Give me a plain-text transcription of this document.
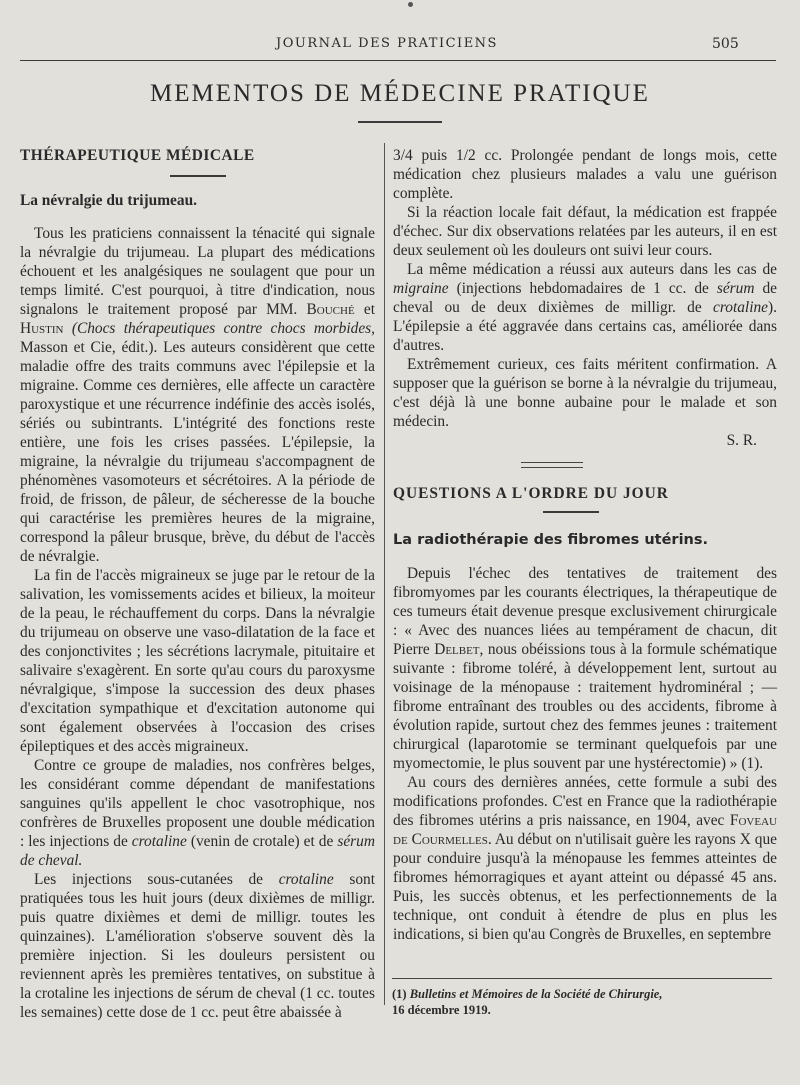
JOURNAL DES PRATICIENS	505
MEMENTOS DE MÉDECINE PRATIQUE

THÉRAPEUTIQUE MÉDICALE

La névralgie du trijumeau.

Tous les praticiens connaissent la ténacité qui signale la névralgie du trijumeau. La plupart des médications échouent et les analgésiques ne soulagent que pour un temps limité. C'est pourquoi, à titre d'indication, nous signalons le traitement proposé par MM. Bouché et Hustin (Chocs thérapeutiques contre chocs morbides, Masson et Cie, édit.). Les auteurs considèrent que cette maladie offre des traits communs avec l'épilepsie et la migraine. Comme ces dernières, elle affecte un caractère paroxystique et une récurrence indéfinie des accès isolés, sériés ou subintrants. L'intégrité des fonctions reste entière, une fois les crises passées. L'épilepsie, la migraine, la névralgie du trijumeau s'accompagnent de phénomènes vasomoteurs et sécrétoires. A la période de froid, de frisson, de pâleur, de sécheresse de la bouche qui caractérise les premières heures de la migraine, correspond la pâleur brusque, brève, du début de l'accès de névralgie.

La fin de l'accès migraineux se juge par le retour de la salivation, les vomissements acides et bilieux, la moiteur de la peau, le réchauffement du corps. Dans la névralgie du trijumeau on observe une vaso-dilatation de la face et des conjonctivites ; les sécrétions lacrymale, pituitaire et salivaire s'exagèrent. En sorte qu'au cours du paroxysme névralgique, s'impose la succession des deux phases d'excitation sympathique et d'excitation autonome qui sont également observées à l'occasion des crises épileptiques et des accès migraineux.

Contre ce groupe de maladies, nos confrères belges, les considérant comme dépendant de manifestations sanguines qu'ils appellent le choc vasotrophique, nos confrères de Bruxelles proposent une double médication : les injections de crotaline (venin de crotale) et de sérum de cheval.

Les injections sous-cutanées de crotaline sont pratiquées tous les huit jours (deux dixièmes de milligr. puis quatre dixièmes et demi de milligr. toutes les quinzaines). L'amélioration s'observe souvent dès la première injection. Si les douleurs persistent ou reviennent après les premières tentatives, on substitue à la crotaline les injections de sérum de cheval (1 cc. toutes les semaines) cette dose de 1 cc. peut être abaissée à

3/4 puis 1/2 cc. Prolongée pendant de longs mois, cette médication chez plusieurs malades a valu une guérison complète.

Si la réaction locale fait défaut, la médication est frappée d'échec. Sur dix observations relatées par les auteurs, il en est deux seulement où les douleurs ont suivi leur cours.

La même médication a réussi aux auteurs dans les cas de migraine (injections hebdomadaires de 1 cc. de sérum de cheval ou de deux dixièmes de milligr. de crotaline). L'épilepsie a été aggravée dans certains cas, améliorée dans d'autres.

Extrêmement curieux, ces faits méritent confirmation. A supposer que la guérison se borne à la névralgie du trijumeau, c'est déjà là une bonne aubaine pour le malade et son médecin.

S. R.

QUESTIONS A L'ORDRE DU JOUR

La radiothérapie des fibromes utérins.

Depuis l'échec des tentatives de traitement des fibromyomes par les courants électriques, la thérapeutique de ces tumeurs était devenue presque exclusivement chirurgicale : « Avec des nuances liées au tempérament de chacun, dit Pierre Delbet, nous obéissions tous à la formule schématique suivante : fibrome toléré, à développement lent, surtout au voisinage de la ménopause : traitement hydrominéral ; — fibrome entraînant des troubles ou des accidents, fibrome à évolution rapide, surtout chez des femmes jeunes : traitement chirurgical (laparotomie se terminant quelquefois par une myomectomie, le plus souvent par une hystérectomie) » (1).

Au cours des dernières années, cette formule a subi des modifications profondes. C'est en France que la radiothérapie des fibromes utérins a pris naissance, en 1904, avec Foveau de Courmelles. Au début on n'utilisait guère les rayons X que pour conduire jusqu'à la ménopause les femmes atteintes de fibromes hémorragiques et ayant atteint ou dépassé 45 ans. Puis, les succès obtenus, et les perfectionnements de la technique, ont conduit à étendre de plus en plus les indications, si bien qu'au Congrès de Bruxelles, en septembre

(1) Bulletins et Mémoires de la Société de Chirurgie,
16 décembre 1919.
